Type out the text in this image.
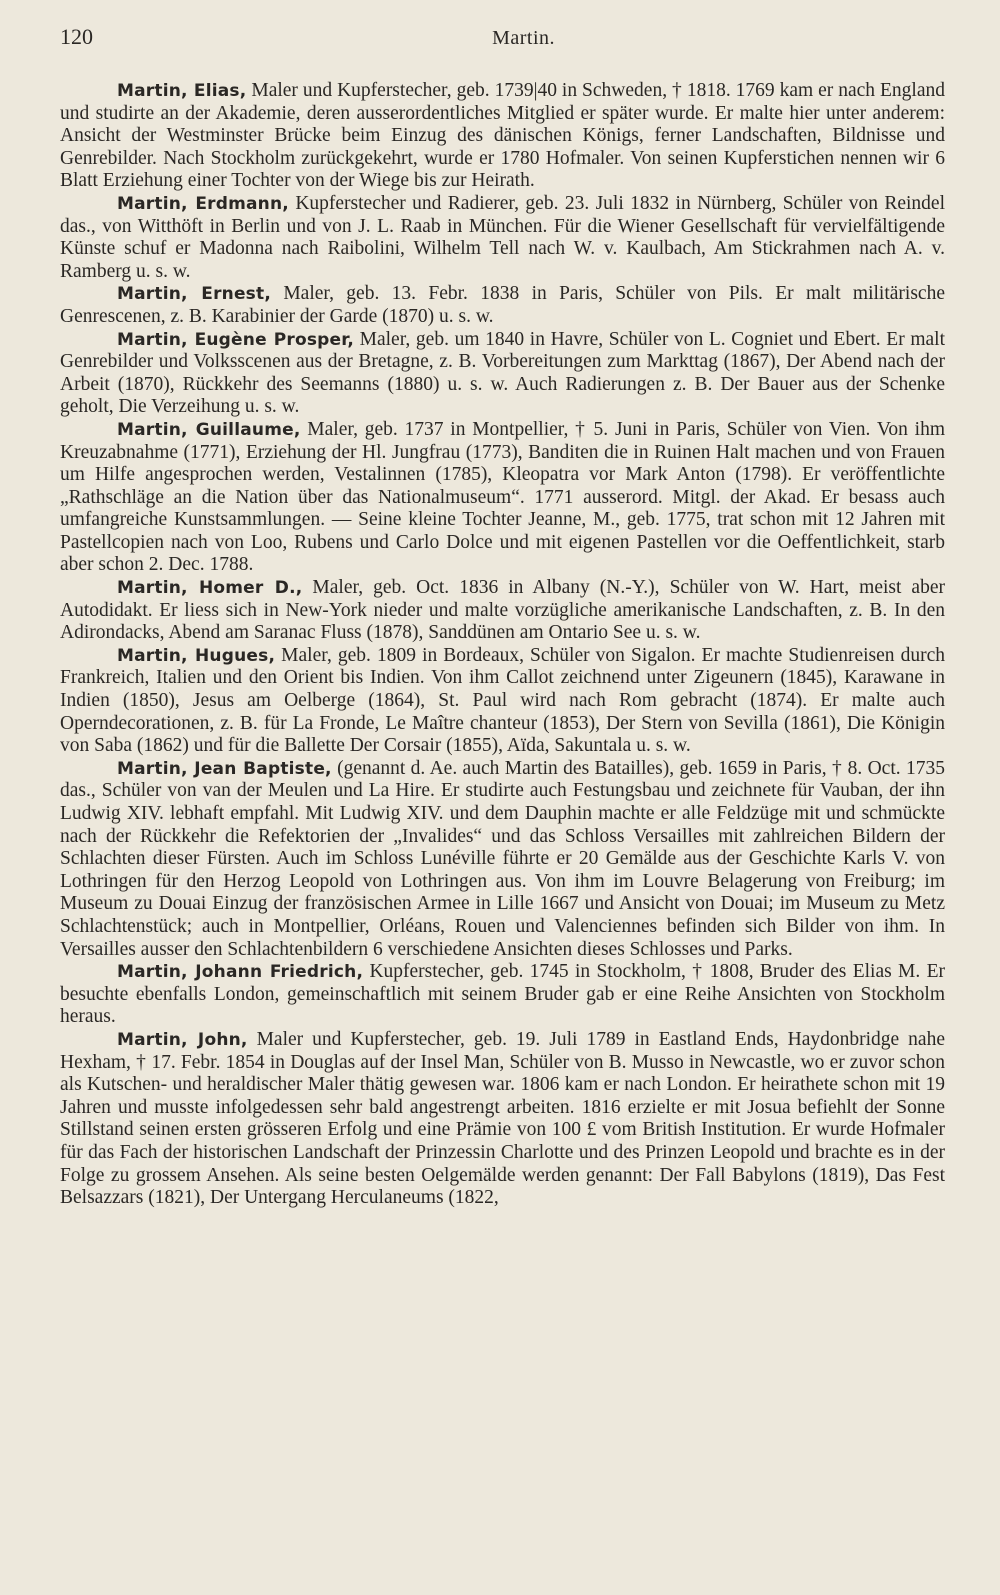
120	Martin.

Martin, Elias, Maler und Kupferstecher, geb. 1739|40 in Schweden, † 1818. 1769 kam er nach England und studirte an der Akademie, deren ausserordentliches Mitglied er später wurde. Er malte hier unter anderem: Ansicht der Westminster Brücke beim Einzug des dänischen Königs, ferner Landschaften, Bildnisse und Genrebilder. Nach Stockholm zurückgekehrt, wurde er 1780 Hofmaler. Von seinen Kupferstichen nennen wir 6 Blatt Erziehung einer Tochter von der Wiege bis zur Heirath.

Martin, Erdmann, Kupferstecher und Radierer, geb. 23. Juli 1832 in Nürnberg, Schüler von Reindel das., von Witthöft in Berlin und von J. L. Raab in München. Für die Wiener Gesellschaft für vervielfältigende Künste schuf er Madonna nach Raibolini, Wilhelm Tell nach W. v. Kaulbach, Am Stickrahmen nach A. v. Ramberg u. s. w.

Martin, Ernest, Maler, geb. 13. Febr. 1838 in Paris, Schüler von Pils. Er malt militärische Genrescenen, z. B. Karabinier der Garde (1870) u. s. w.

Martin, Eugène Prosper, Maler, geb. um 1840 in Havre, Schüler von L. Cogniet und Ebert. Er malt Genrebilder und Volksscenen aus der Bretagne, z. B. Vorbereitungen zum Markttag (1867), Der Abend nach der Arbeit (1870), Rückkehr des Seemanns (1880) u. s. w. Auch Radierungen z. B. Der Bauer aus der Schenke geholt, Die Verzeihung u. s. w.

Martin, Guillaume, Maler, geb. 1737 in Montpellier, † 5. Juni in Paris, Schüler von Vien. Von ihm Kreuzabnahme (1771), Erziehung der Hl. Jungfrau (1773), Banditen die in Ruinen Halt machen und von Frauen um Hilfe angesprochen werden, Vestalinnen (1785), Kleopatra vor Mark Anton (1798). Er veröffentlichte „Rathschläge an die Nation über das Nationalmuseum“. 1771 ausserord. Mitgl. der Akad. Er besass auch umfangreiche Kunstsammlungen. — Seine kleine Tochter Jeanne, M., geb. 1775, trat schon mit 12 Jahren mit Pastellcopien nach von Loo, Rubens und Carlo Dolce und mit eigenen Pastellen vor die Oeffentlichkeit, starb aber schon 2. Dec. 1788.

Martin, Homer D., Maler, geb. Oct. 1836 in Albany (N.-Y.), Schüler von W. Hart, meist aber Autodidakt. Er liess sich in New-York nieder und malte vorzügliche amerikanische Landschaften, z. B. In den Adirondacks, Abend am Saranac Fluss (1878), Sanddünen am Ontario See u. s. w.

Martin, Hugues, Maler, geb. 1809 in Bordeaux, Schüler von Sigalon. Er machte Studienreisen durch Frankreich, Italien und den Orient bis Indien. Von ihm Callot zeichnend unter Zigeunern (1845), Karawane in Indien (1850), Jesus am Oelberge (1864), St. Paul wird nach Rom gebracht (1874). Er malte auch Operndecorationen, z. B. für La Fronde, Le Maître chanteur (1853), Der Stern von Sevilla (1861), Die Königin von Saba (1862) und für die Ballette Der Corsair (1855), Aïda, Sakuntala u. s. w.

Martin, Jean Baptiste, (genannt d. Ae. auch Martin des Batailles), geb. 1659 in Paris, † 8. Oct. 1735 das., Schüler von van der Meulen und La Hire. Er studirte auch Festungsbau und zeichnete für Vauban, der ihn Ludwig XIV. lebhaft empfahl. Mit Ludwig XIV. und dem Dauphin machte er alle Feldzüge mit und schmückte nach der Rückkehr die Refektorien der „Invalides“ und das Schloss Versailles mit zahlreichen Bildern der Schlachten dieser Fürsten. Auch im Schloss Lunéville führte er 20 Gemälde aus der Geschichte Karls V. von Lothringen für den Herzog Leopold von Lothringen aus. Von ihm im Louvre Belagerung von Freiburg; im Museum zu Douai Einzug der französischen Armee in Lille 1667 und Ansicht von Douai; im Museum zu Metz Schlachtenstück; auch in Montpellier, Orléans, Rouen und Valenciennes befinden sich Bilder von ihm. In Versailles ausser den Schlachtenbildern 6 verschiedene Ansichten dieses Schlosses und Parks.

Martin, Johann Friedrich, Kupferstecher, geb. 1745 in Stockholm, † 1808, Bruder des Elias M. Er besuchte ebenfalls London, gemeinschaftlich mit seinem Bruder gab er eine Reihe Ansichten von Stockholm heraus.

Martin, John, Maler und Kupferstecher, geb. 19. Juli 1789 in Eastland Ends, Haydonbridge nahe Hexham, † 17. Febr. 1854 in Douglas auf der Insel Man, Schüler von B. Musso in Newcastle, wo er zuvor schon als Kutschen- und heraldischer Maler thätig gewesen war. 1806 kam er nach London. Er heirathete schon mit 19 Jahren und musste infolgedessen sehr bald angestrengt arbeiten. 1816 erzielte er mit Josua befiehlt der Sonne Stillstand seinen ersten grösseren Erfolg und eine Prämie von 100 £ vom British Institution. Er wurde Hofmaler für das Fach der historischen Landschaft der Prinzessin Charlotte und des Prinzen Leopold und brachte es in der Folge zu grossem Ansehen. Als seine besten Oelgemälde werden genannt: Der Fall Babylons (1819), Das Fest Belsazzars (1821), Der Untergang Herculaneums (1822,
